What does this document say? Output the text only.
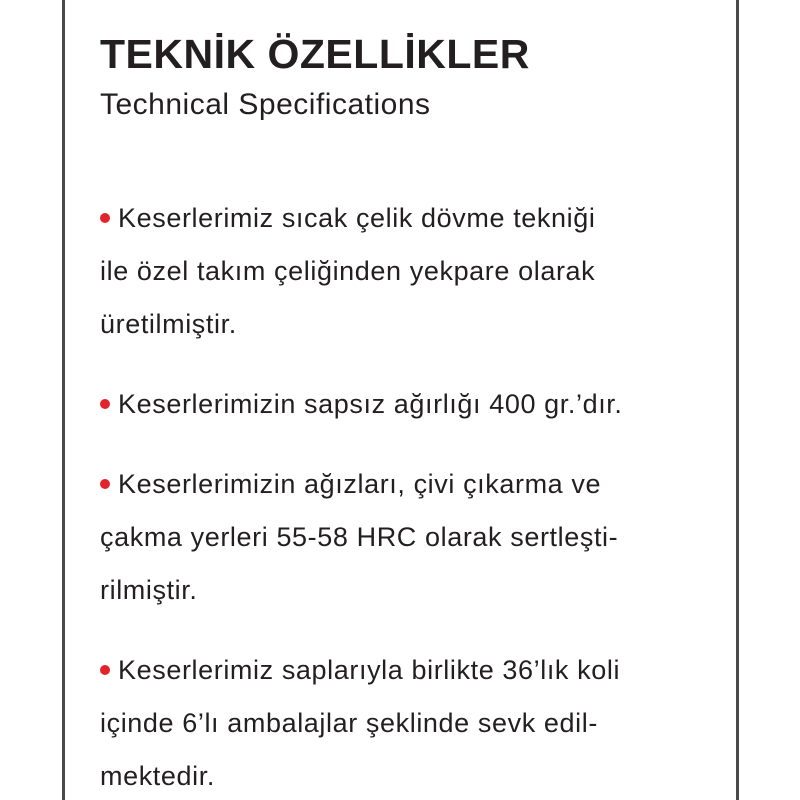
TEKNİK ÖZELLİKLER
Technical Specifications
Keserlerimiz sıcak çelik dövme tekniği
ile özel takım çeliğinden yekpare olarak
üretilmiştir.
Keserlerimizin sapsız ağırlığı 400 gr.’dır.
Keserlerimizin ağızları, çivi çıkarma ve
çakma yerleri 55-58 HRC olarak sertleşti-
rilmiştir.
Keserlerimiz saplarıyla birlikte 36’lık koli
içinde 6’lı ambalajlar şeklinde sevk edil-
mektedir.
